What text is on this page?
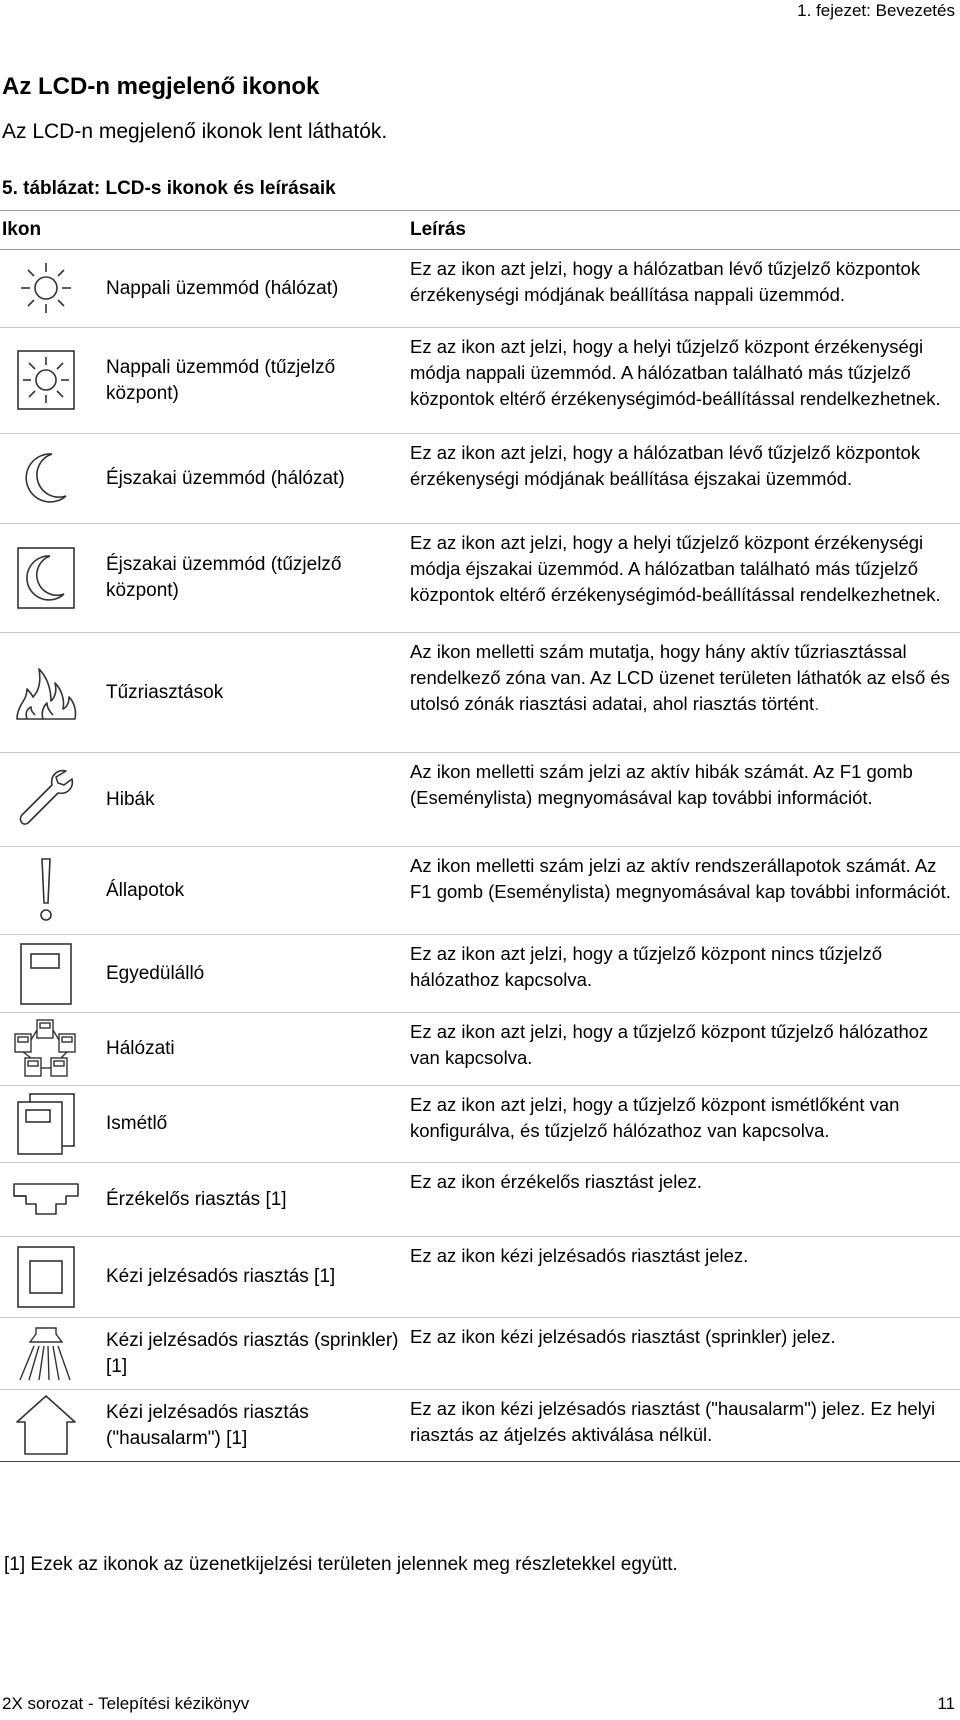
1. fejezet: Bevezetés
Az LCD-n megjelenő ikonok
Az LCD-n megjelenő ikonok lent láthatók.
5. táblázat: LCD-s ikonok és leírásaik
Ikon	Leírás
Nappali üzemmód (hálózat)
Ez az ikon azt jelzi, hogy a hálózatban lévő tűzjelző központok érzékenységi módjának beállítása nappali üzemmód.
Nappali üzemmód (tűzjelző központ)
Ez az ikon azt jelzi, hogy a helyi tűzjelző központ érzékenységi módja nappali üzemmód. A hálózatban található más tűzjelző központok eltérő érzékenységimód-beállítással rendelkezhetnek.
Éjszakai üzemmód (hálózat)
Ez az ikon azt jelzi, hogy a hálózatban lévő tűzjelző központok érzékenységi módjának beállítása éjszakai üzemmód.
Éjszakai üzemmód (tűzjelző központ)
Ez az ikon azt jelzi, hogy a helyi tűzjelző központ érzékenységi módja éjszakai üzemmód. A hálózatban található más tűzjelző központok eltérő érzékenységimód-beállítással rendelkezhetnek.
Tűzriasztások
Az ikon melletti szám mutatja, hogy hány aktív tűzriasztással rendelkező zóna van. Az LCD üzenet területen láthatók az első és utolsó zónák riasztási adatai, ahol riasztás történt.
Hibák
Az ikon melletti szám jelzi az aktív hibák számát. Az F1 gomb (Eseménylista) megnyomásával kap további információt.
Állapotok
Az ikon melletti szám jelzi az aktív rendszerállapotok számát. Az F1 gomb (Eseménylista) megnyomásával kap további információt.
Egyedülálló
Ez az ikon azt jelzi, hogy a tűzjelző központ nincs tűzjelző hálózathoz kapcsolva.
Hálózati
Ez az ikon azt jelzi, hogy a tűzjelző központ tűzjelző hálózathoz van kapcsolva.
Ismétlő
Ez az ikon azt jelzi, hogy a tűzjelző központ ismétlőként van konfigurálva, és tűzjelző hálózathoz van kapcsolva.
Érzékelős riasztás [1]
Ez az ikon érzékelős riasztást jelez.
Kézi jelzésadós riasztás [1]
Ez az ikon kézi jelzésadós riasztást jelez.
Kézi jelzésadós riasztás (sprinkler) [1]
Ez az ikon kézi jelzésadós riasztást (sprinkler) jelez.
Kézi jelzésadós riasztás ("hausalarm") [1]
Ez az ikon kézi jelzésadós riasztást ("hausalarm") jelez. Ez helyi riasztás az átjelzés aktiválása nélkül.
[1] Ezek az ikonok az üzenetkijelzési területen jelennek meg részletekkel együtt.
2X sorozat - Telepítési kézikönyv	11
